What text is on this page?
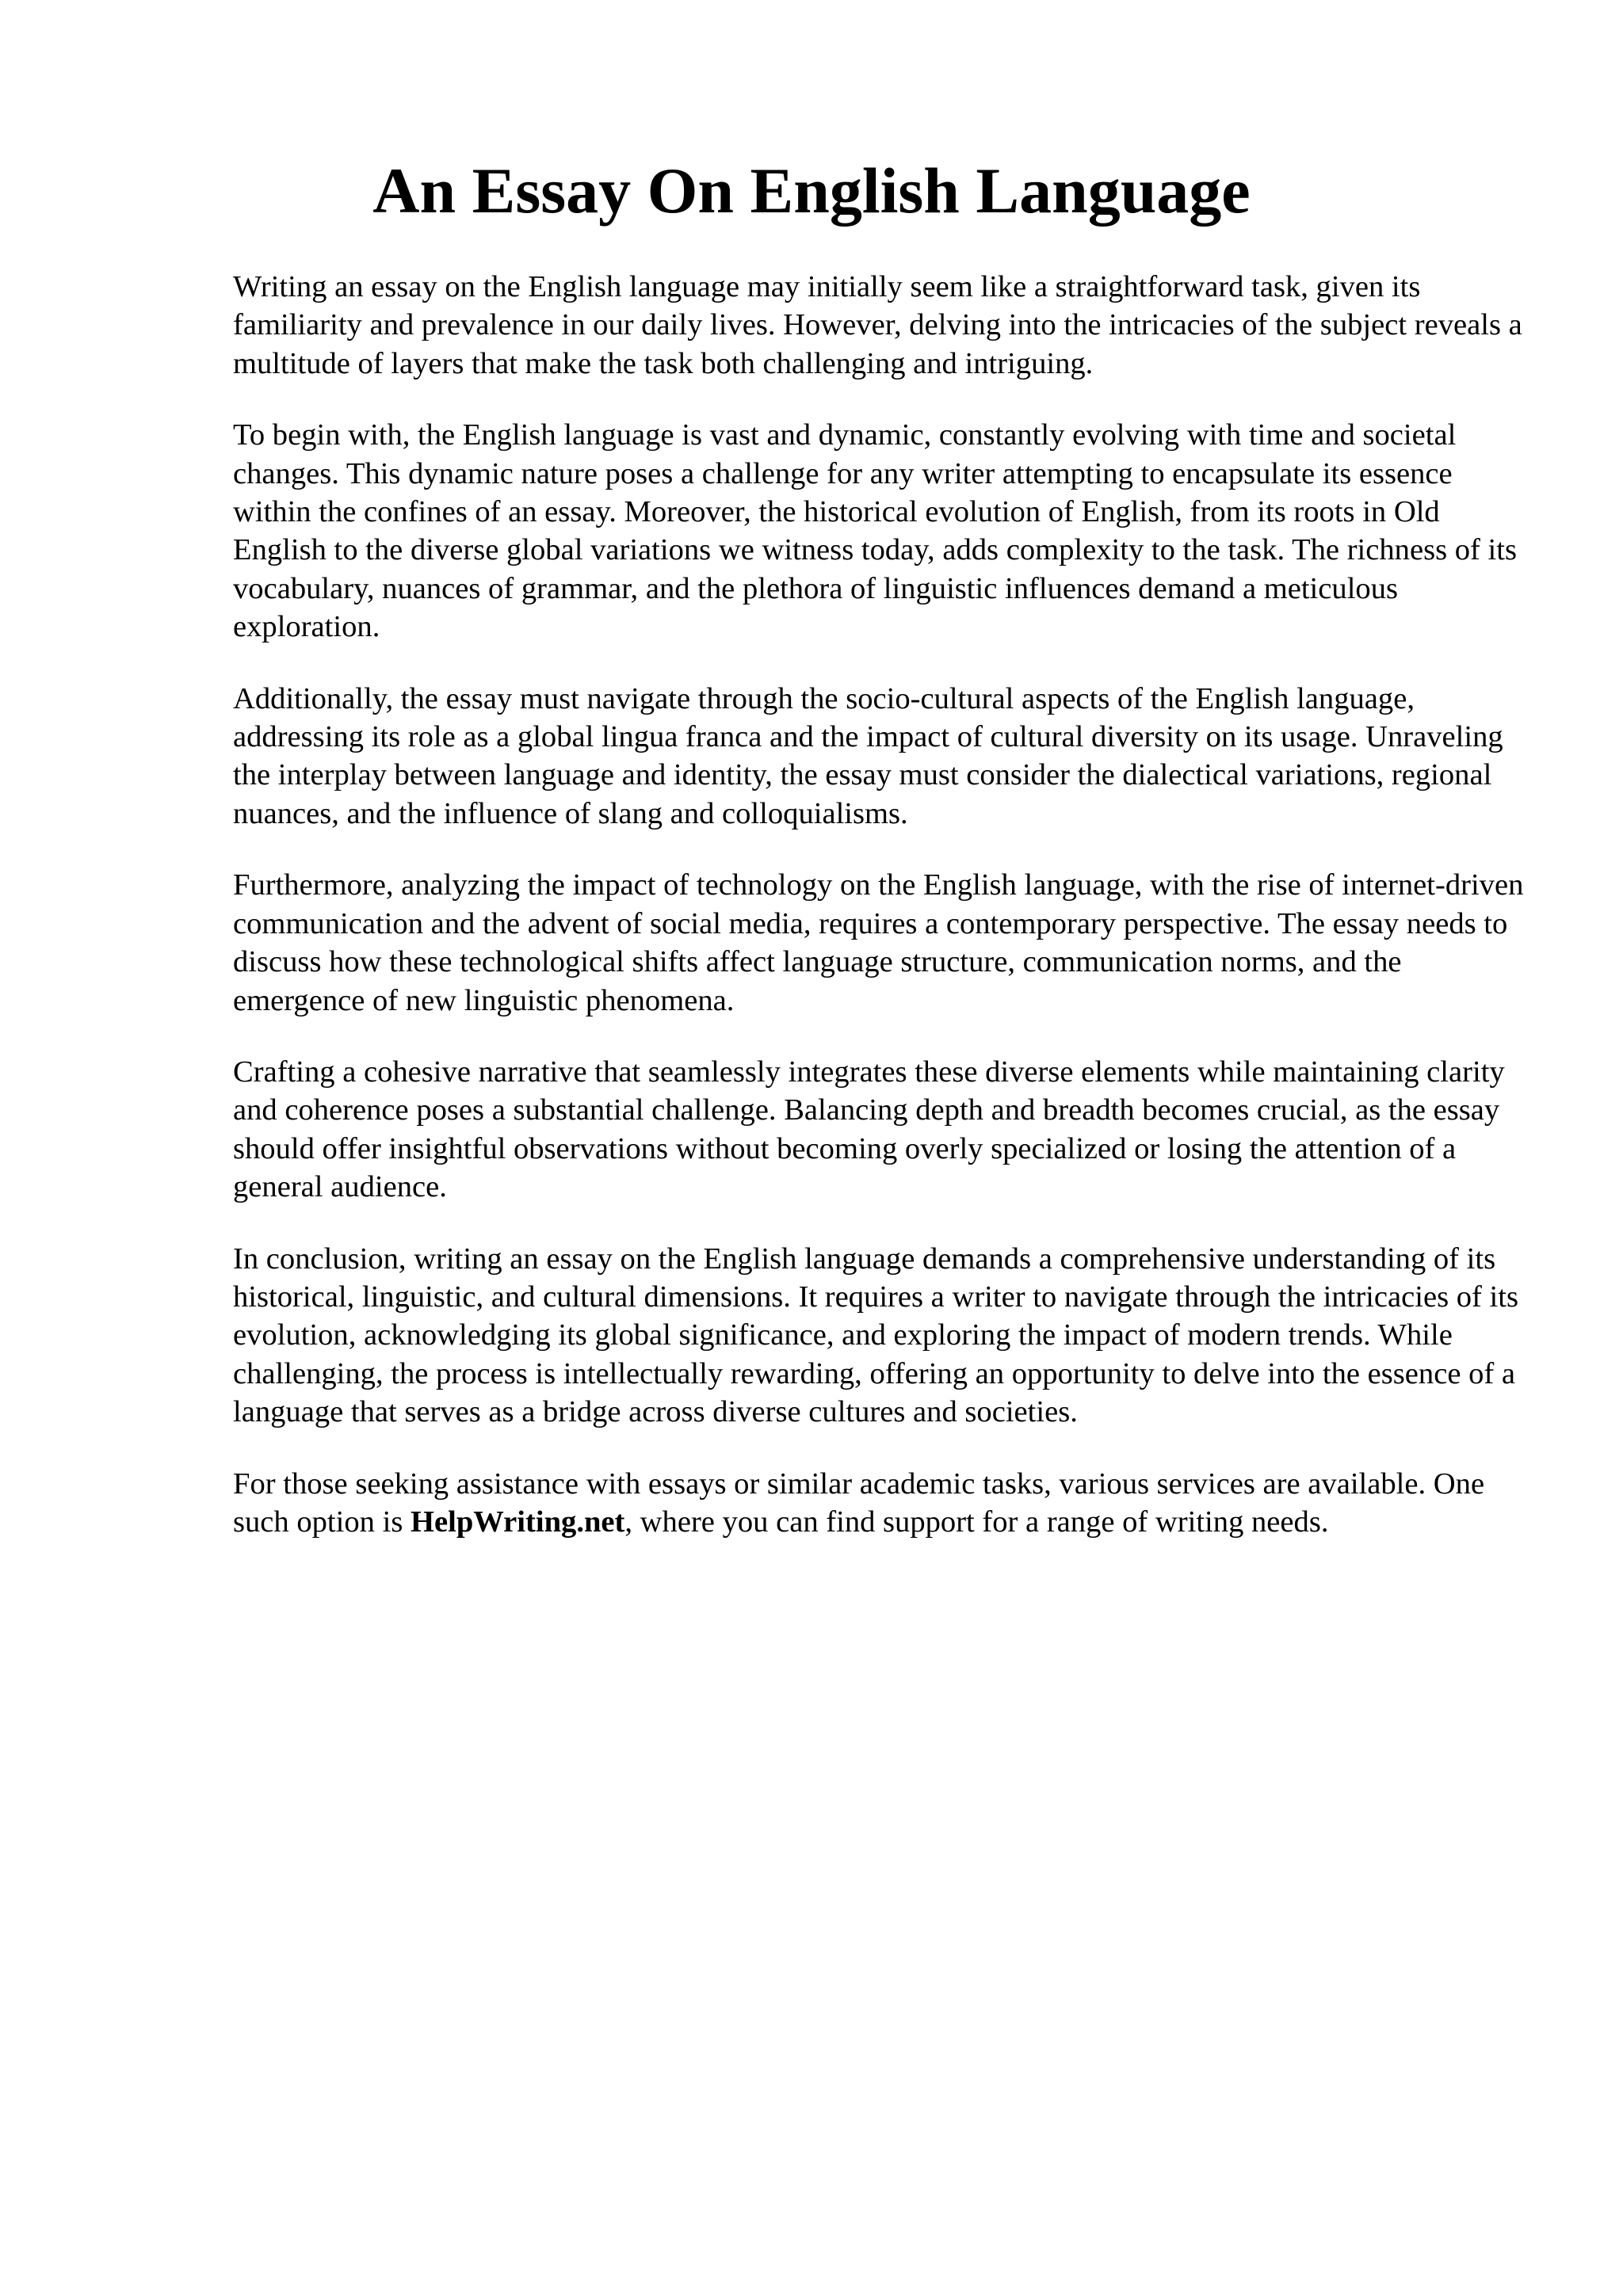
An Essay On English Language

Writing an essay on the English language may initially seem like a straightforward task, given its familiarity and prevalence in our daily lives. However, delving into the intricacies of the subject reveals a multitude of layers that make the task both challenging and intriguing.

To begin with, the English language is vast and dynamic, constantly evolving with time and societal changes. This dynamic nature poses a challenge for any writer attempting to encapsulate its essence within the confines of an essay. Moreover, the historical evolution of English, from its roots in Old English to the diverse global variations we witness today, adds complexity to the task. The richness of its vocabulary, nuances of grammar, and the plethora of linguistic influences demand a meticulous exploration.

Additionally, the essay must navigate through the socio-cultural aspects of the English language, addressing its role as a global lingua franca and the impact of cultural diversity on its usage. Unraveling the interplay between language and identity, the essay must consider the dialectical variations, regional nuances, and the influence of slang and colloquialisms.

Furthermore, analyzing the impact of technology on the English language, with the rise of internet-driven communication and the advent of social media, requires a contemporary perspective. The essay needs to discuss how these technological shifts affect language structure, communication norms, and the emergence of new linguistic phenomena.

Crafting a cohesive narrative that seamlessly integrates these diverse elements while maintaining clarity and coherence poses a substantial challenge. Balancing depth and breadth becomes crucial, as the essay should offer insightful observations without becoming overly specialized or losing the attention of a general audience.

In conclusion, writing an essay on the English language demands a comprehensive understanding of its historical, linguistic, and cultural dimensions. It requires a writer to navigate through the intricacies of its evolution, acknowledging its global significance, and exploring the impact of modern trends. While challenging, the process is intellectually rewarding, offering an opportunity to delve into the essence of a language that serves as a bridge across diverse cultures and societies.

For those seeking assistance with essays or similar academic tasks, various services are available. One such option is HelpWriting.net, where you can find support for a range of writing needs.
